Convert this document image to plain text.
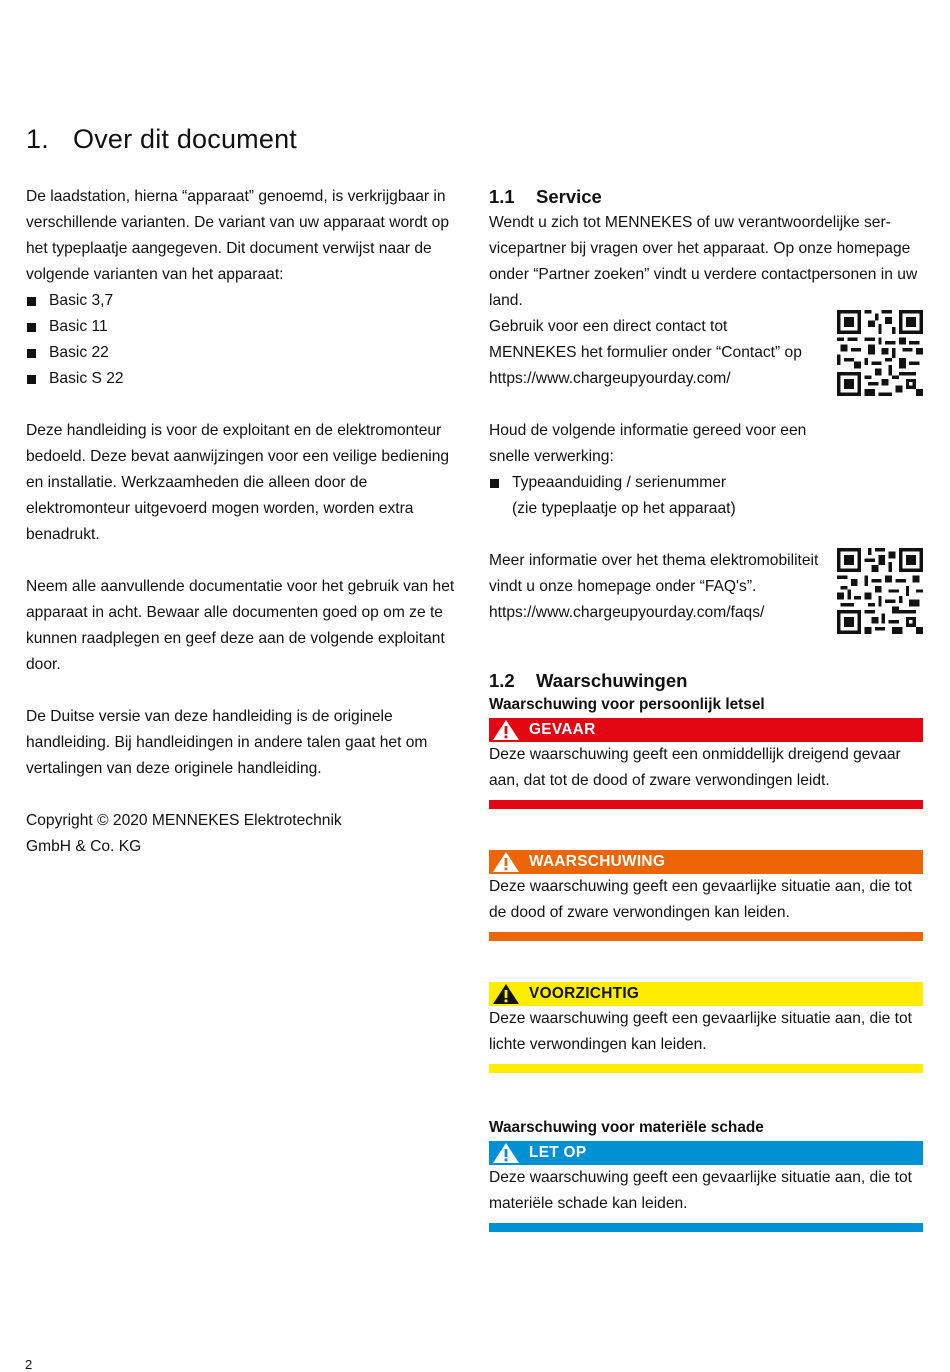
1. Over dit document

De laadstation, hierna “apparaat” genoemd, is verkrijgbaar in verschillende varianten. De variant van uw apparaat wordt op het typeplaatje aangegeven. Dit document verwijst naar de volgende varianten van het apparaat:

Basic 3,7
Basic 11
Basic 22
Basic S 22

Deze handleiding is voor de exploitant en de elektromonteur bedoeld. Deze bevat aanwijzingen voor een veilige bediening en installatie. Werkzaamheden die alleen door de elektromonteur uitgevoerd mogen worden, worden extra benadrukt.

Neem alle aanvullende documentatie voor het gebruik van het apparaat in acht. Bewaar alle documenten goed op om ze te kunnen raadplegen en geef deze aan de volgende exploitant door.

De Duitse versie van deze handleiding is de originele handleiding. Bij handleidingen in andere talen gaat het om vertalingen van deze originele handleiding.

Copyright © 2020 MENNEKES Elektrotechnik GmbH & Co. KG

1.1 Service

Wendt u zich tot MENNEKES of uw verantwoordelijke servicepartner bij vragen over het apparaat. Op onze homepage onder “Partner zoeken” vindt u verdere contactpersonen in uw land.

Gebruik voor een direct contact tot MENNEKES het formulier onder “Contact” op https://www.chargeupyourday.com/

Houd de volgende informatie gereed voor een snelle verwerking:

Typeaanduiding / serienummer

(zie typeplaatje op het apparaat)

Meer informatie over het thema elektromobiliteit vindt u onze homepage onder “FAQ's”. https://www.chargeupyourday.com/faqs/

1.2 Waarschuwingen
Waarschuwing voor persoonlijk letsel
GEVAAR

Deze waarschuwing geeft een onmiddellijk dreigend gevaar aan, dat tot de dood of zware verwondingen leidt.

WAARSCHUWING

Deze waarschuwing geeft een gevaarlijke situatie aan, die tot de dood of zware verwondingen kan leiden.

VOORZICHTIG

Deze waarschuwing geeft een gevaarlijke situatie aan, die tot lichte verwondingen kan leiden.

Waarschuwing voor materiële schade
LET OP

Deze waarschuwing geeft een gevaarlijke situatie aan, die tot materiële schade kan leiden.

2
